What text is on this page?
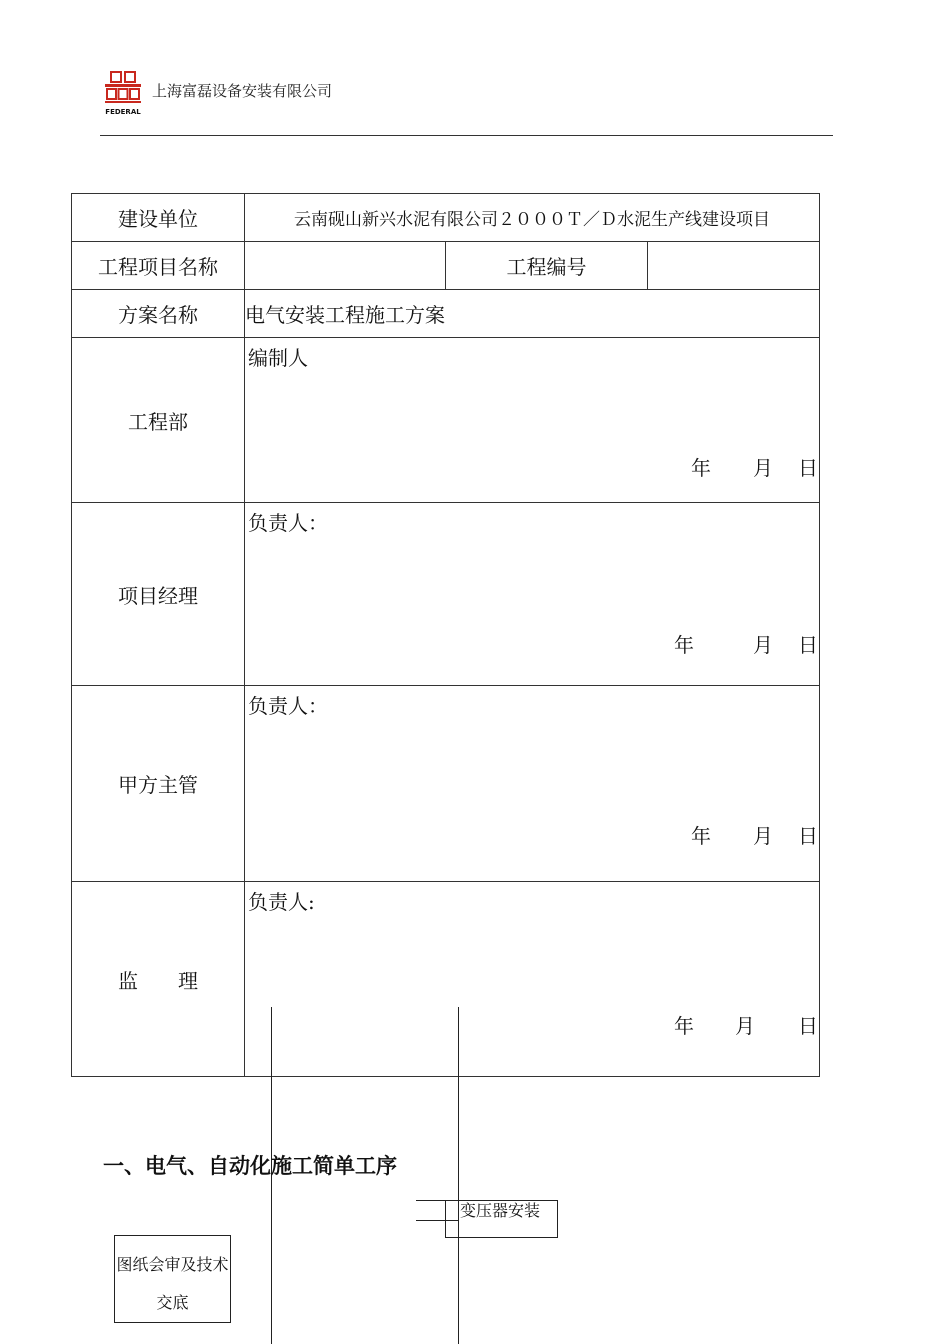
FEDERAL
上海富磊设备安装有限公司
建设单位	云南砚山新兴水泥有限公司２０００Ｔ／Ｄ水泥生产线建设项目		
工程项目名称		工程编号	
方案名称	电气安装工程施工方案		
工程部	编制人
年 月 日		

项目经理	负责人：
年 月 日		

甲方主管	负责人：
年 月 日		

监　　理	负责人:
年 月 日		
一、电气、自动化施工简单工序
变压器安装
图纸会审及技术交底
